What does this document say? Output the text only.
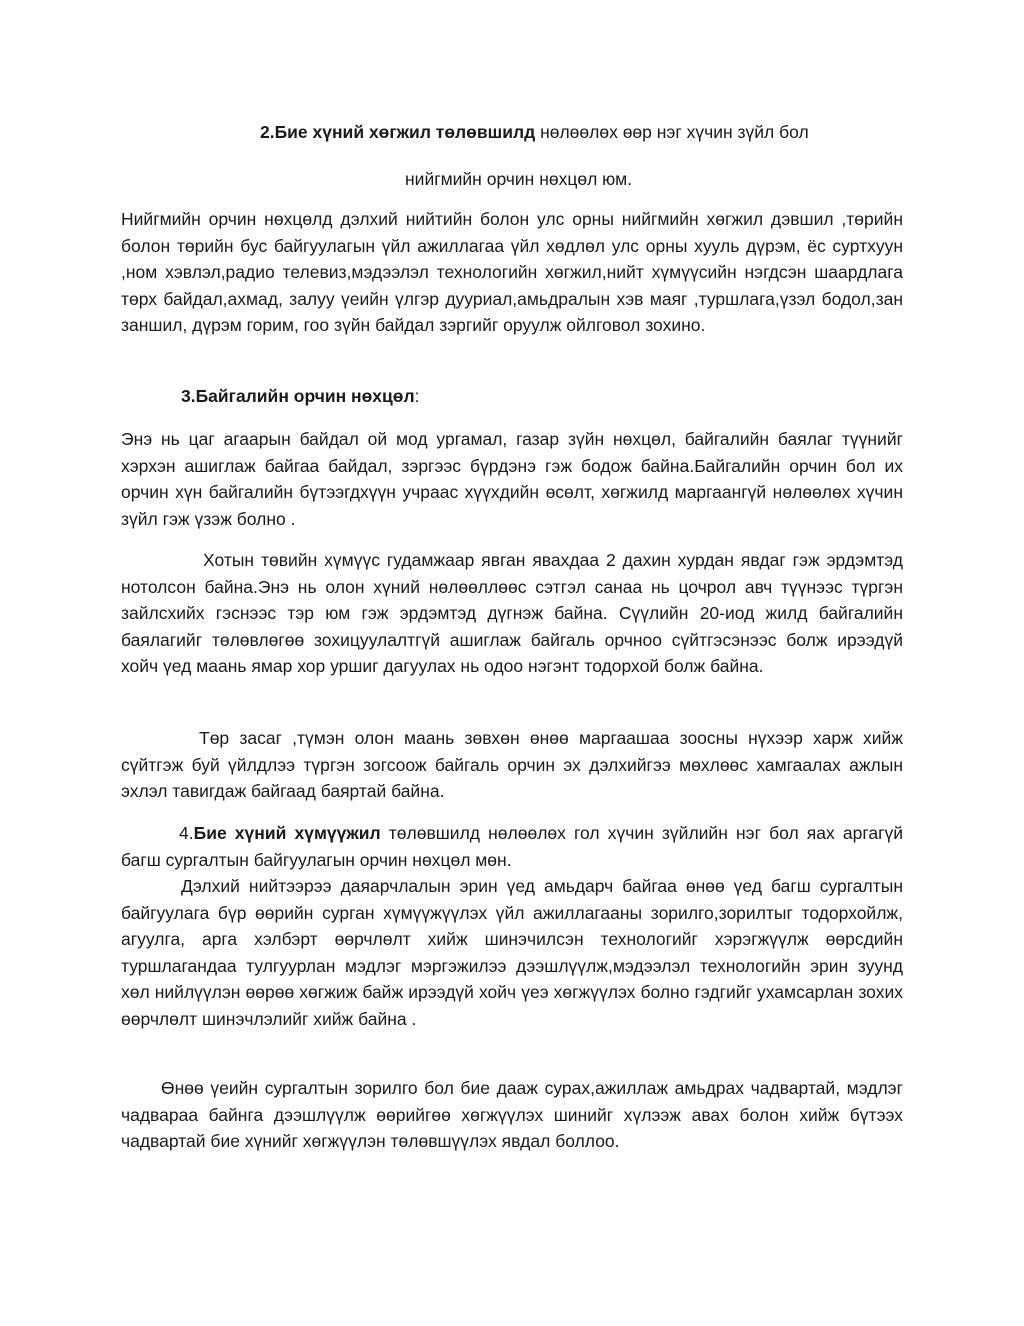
2.Бие хүний хөгжил төлөвшилд нөлөөлөх өөр нэг хүчин зүйл бол

нийгмийн орчин нөхцөл юм.

Нийгмийн орчин нөхцөлд дэлхий нийтийн болон улс орны нийгмийн хөгжил дэвшил ,төрийн болон төрийн бус байгуулагын үйл ажиллагаа үйл хөдлөл улс орны хууль дүрэм, ёс суртхуун ,ном хэвлэл,радио телевиз,мэдээлэл технологийн хөгжил,нийт хүмүүсийн нэгдсэн шаардлага төрх байдал,ахмад, залуу үеийн үлгэр дууриал,амьдралын хэв маяг ,туршлага,үзэл бодол,зан заншил, дүрэм горим, гоо зүйн байдал зэргийг оруулж ойлговол зохино.

3.Байгалийн орчин нөхцөл:

Энэ нь цаг агаарын байдал ой мод ургамал, газар зүйн нөхцөл, байгалийн баялаг түүнийг хэрхэн ашиглаж байгаа байдал, зэргээс бүрдэнэ гэж бодож байна.Байгалийн орчин бол их орчин хүн байгалийн бүтээгдхүүн учраас хүүхдийн өсөлт, хөгжилд маргаангүй нөлөөлөх хүчин зүйл гэж үзэж болно .

Хотын төвийн хүмүүс гудамжаар явган явахдаа 2 дахин хурдан явдаг гэж эрдэмтэд нотолсон байна.Энэ нь олон хүний нөлөөллөөс сэтгэл санаа нь цочрол авч түүнээс түргэн зайлсхийх гэснээс тэр юм гэж эрдэмтэд дүгнэж байна. Сүүлийн 20-иод жилд байгалийн баялагийг төлөвлөгөө зохицуулалтгүй ашиглаж байгаль орчноо сүйтгэсэнээс болж ирээдүй хойч үед маань ямар хор уршиг дагуулах нь одоо нэгэнт тодорхой болж байна.

Төр засаг ,түмэн олон маань зөвхөн өнөө маргаашаа зоосны нүхээр харж хийж сүйтгэж буй үйлдлээ түргэн зогсоож байгаль орчин эх дэлхийгээ мөхлөөс хамгаалах ажлын эхлэл тавигдаж байгаад баяртай байна.

4.Бие хүний хүмүүжил төлөвшилд нөлөөлөх гол хүчин зүйлийн нэг бол яах аргагүй багш сургалтын байгуулагын орчин нөхцөл мөн.

Дэлхий нийтээрээ даяарчлалын эрин үед амьдарч байгаа өнөө үед багш сургалтын байгуулага бүр өөрийн сурган хүмүүжүүлэх үйл ажиллагааны зорилго,зорилтыг тодорхойлж, агуулга, арга хэлбэрт өөрчлөлт хийж шинэчилсэн технологийг хэрэгжүүлж өөрсдийн туршлагандаа тулгуурлан мэдлэг мэргэжилээ дээшлүүлж,мэдээлэл технологийн эрин зуунд хөл нийлүүлэн өөрөө хөгжиж байж ирээдүй хойч үеэ хөгжүүлэх болно гэдгийг ухамсарлан зохих өөрчлөлт шинэчлэлийг хийж байна .

Өнөө үеийн сургалтын зорилго бол бие дааж сурах,ажиллаж амьдрах чадвартай, мэдлэг чадвараа байнга дээшлүүлж өөрийгөө хөгжүүлэх шинийг хүлээж авах болон хийж бүтээх чадвартай бие хүнийг хөгжүүлэн төлөвшүүлэх явдал боллоо.
